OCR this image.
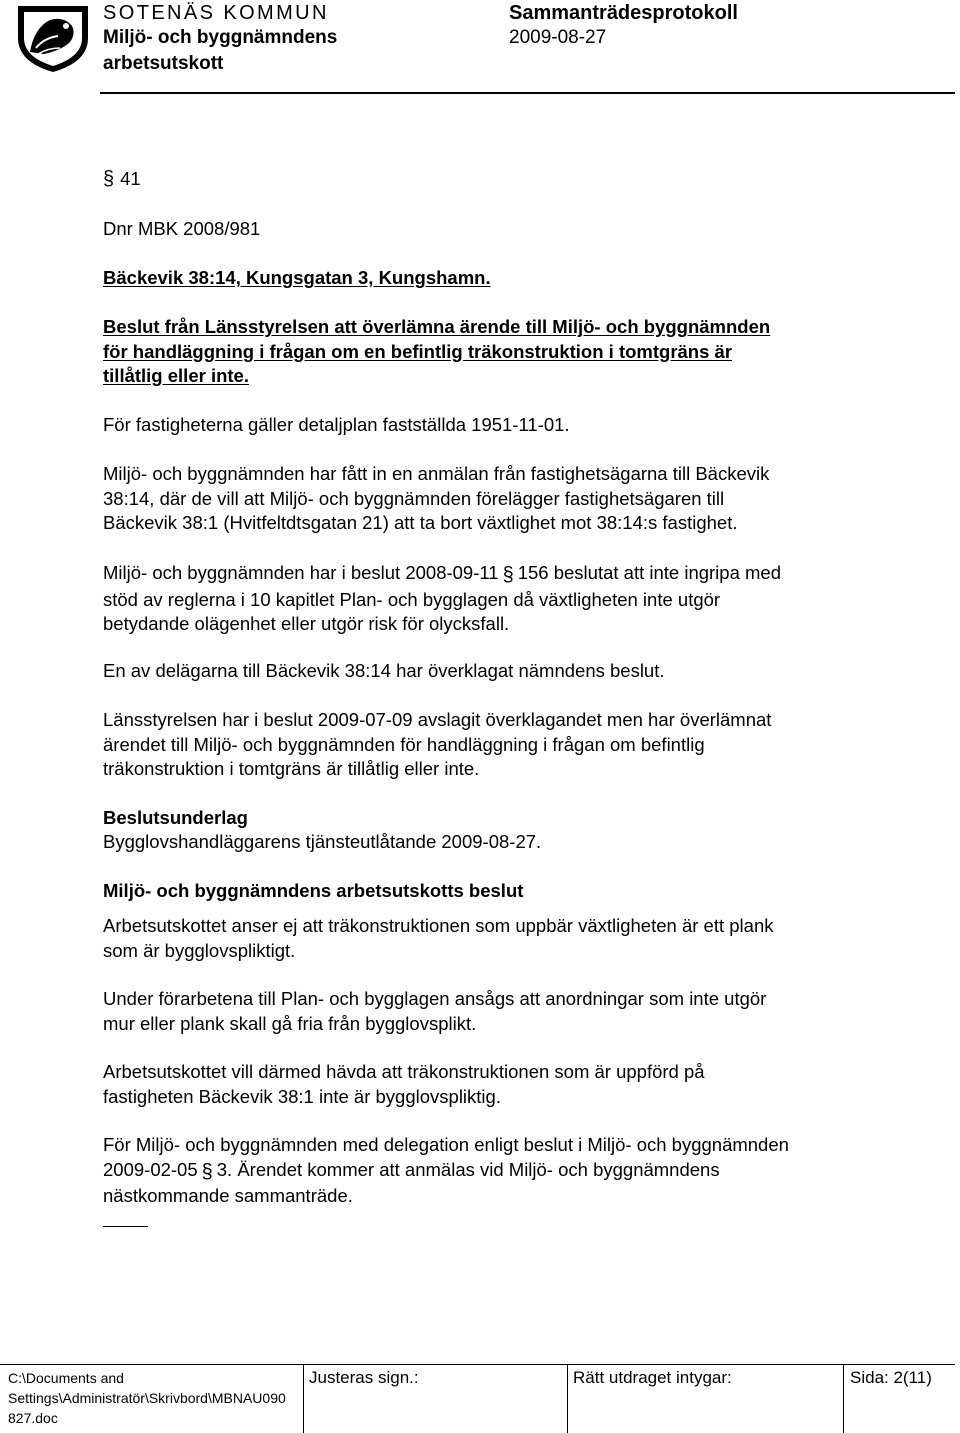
SOTENÄS KOMMUN
Miljö- och byggnämndens
arbetsutskott
Sammanträdesprotokoll
2009-08-27
§ 41
Dnr MBK 2008/981
Bäckevik 38:14, Kungsgatan 3, Kungshamn.
Beslut från Länsstyrelsen att överlämna ärende till Miljö- och byggnämnden
för handläggning i frågan om en befintlig träkonstruktion i tomtgräns är
tillåtlig eller inte.
För fastigheterna gäller detaljplan fastställda 1951-11-01.
Miljö- och byggnämnden har fått in en anmälan från fastighetsägarna till Bäckevik
38:14, där de vill att Miljö- och byggnämnden förelägger fastighetsägaren till
Bäckevik 38:1 (Hvitfeltdtsgatan 21) att ta bort växtlighet mot 38:14:s fastighet.
Miljö- och byggnämnden har i beslut 2008-09-11 § 156 beslutat att inte ingripa med
stöd av reglerna i 10 kapitlet Plan- och bygglagen då växtligheten inte utgör
betydande olägenhet eller utgör risk för olycksfall.
En av delägarna till Bäckevik 38:14 har överklagat nämndens beslut.
Länsstyrelsen har i beslut 2009-07-09 avslagit överklagandet men har överlämnat
ärendet till Miljö- och byggnämnden för handläggning i frågan om befintlig
träkonstruktion i tomtgräns är tillåtlig eller inte.
Beslutsunderlag
Bygglovshandläggarens tjänsteutlåtande 2009-08-27.
Miljö- och byggnämndens arbetsutskotts beslut
Arbetsutskottet anser ej att träkonstruktionen som uppbär växtligheten är ett plank
som är bygglovspliktigt.
Under förarbetena till Plan- och bygglagen ansågs att anordningar som inte utgör
mur eller plank skall gå fria från bygglovsplikt.
Arbetsutskottet vill därmed hävda att träkonstruktionen som är uppförd på
fastigheten Bäckevik 38:1 inte är bygglovspliktig.
För Miljö- och byggnämnden med delegation enligt beslut i Miljö- och byggnämnden
2009-02-05 § 3. Ärendet kommer att anmälas vid Miljö- och byggnämndens
nästkommande sammanträde.
C:\Documents and
Settings\Administratör\Skrivbord\MBNAU090
827.doc
Justeras sign.:	Rätt utdraget intygar:	Sida: 2(11)
